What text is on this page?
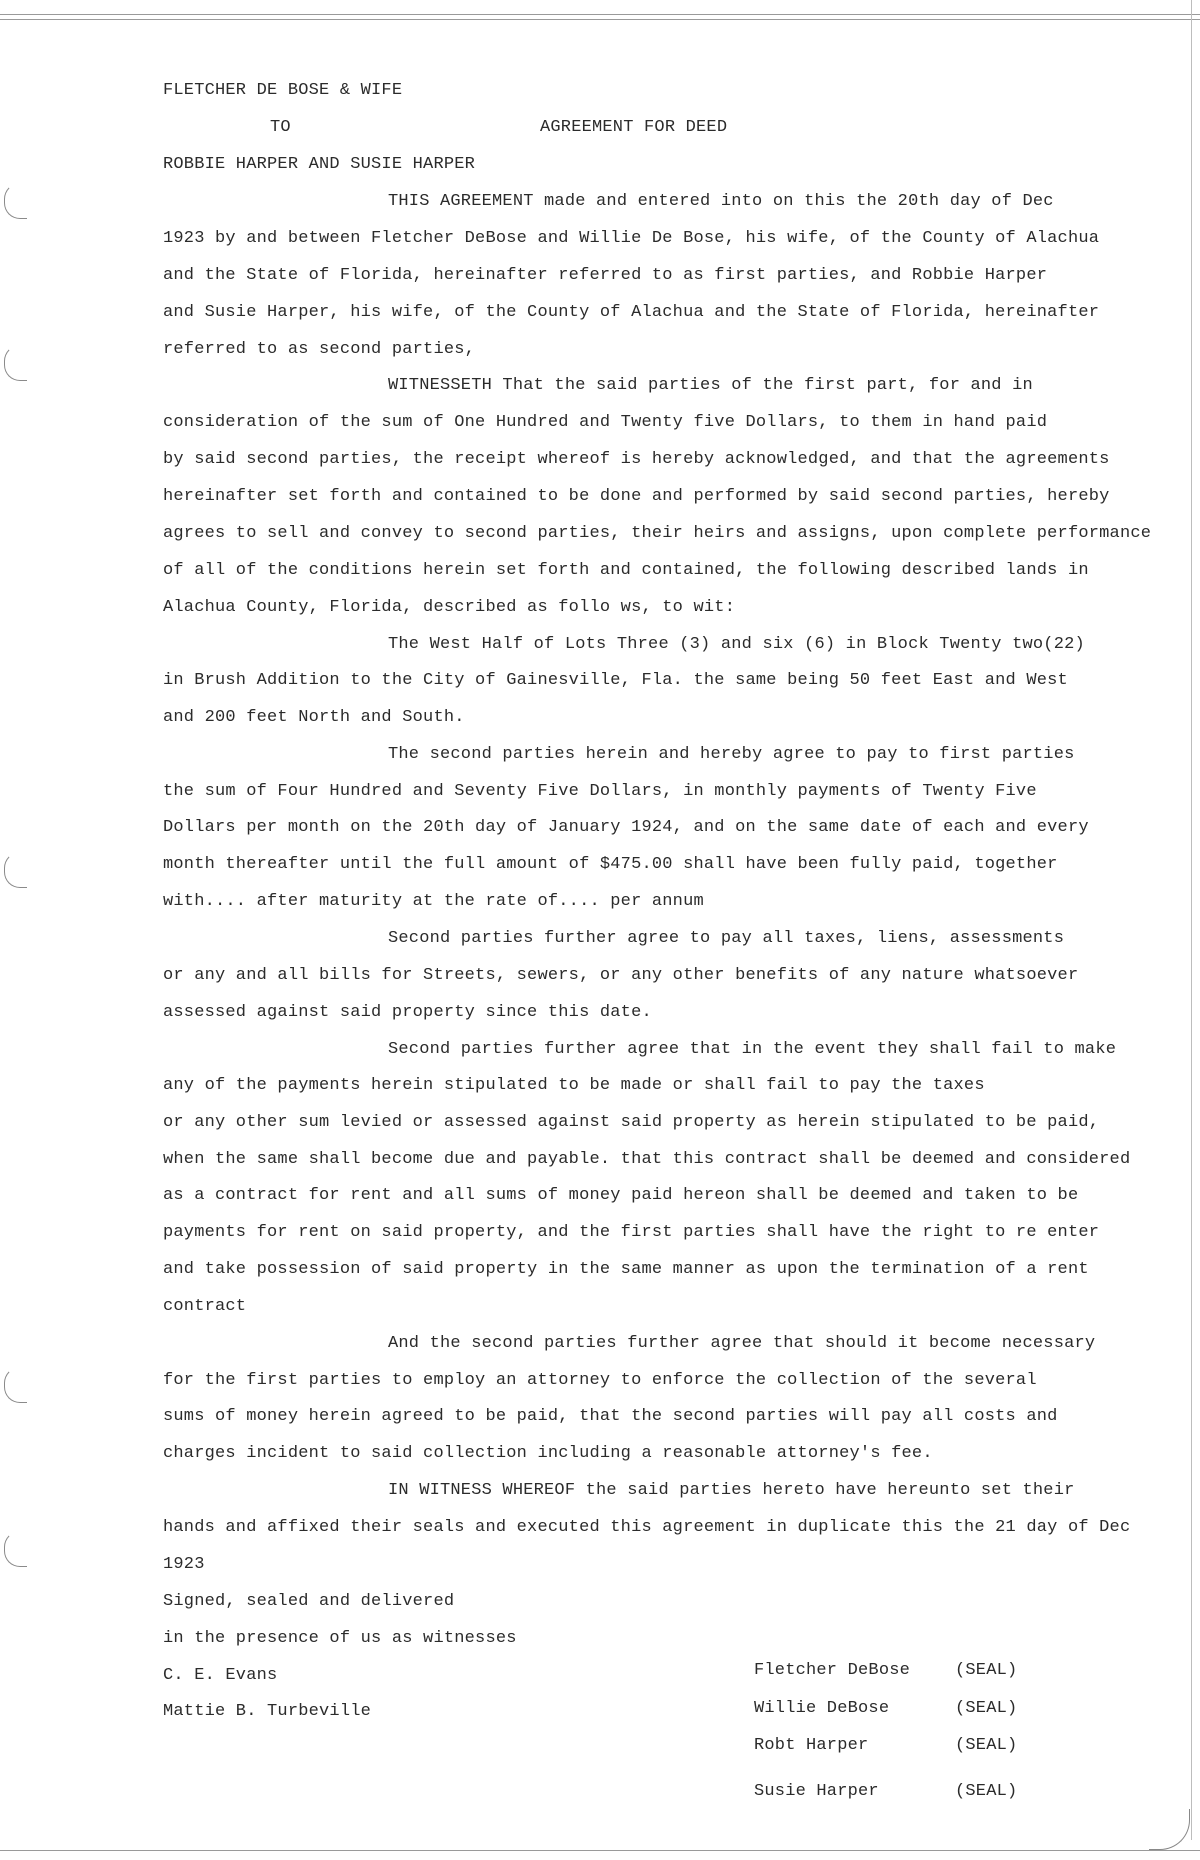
FLETCHER DE BOSE & WIFE
TO	AGREEMENT FOR DEED
ROBBIE HARPER AND SUSIE HARPER
THIS AGREEMENT made and entered into on this the 20th day of Dec
1923 by and between Fletcher DeBose and Willie De Bose, his wife, of the County of Alachua
and the State of Florida, hereinafter referred to as first parties, and Robbie Harper
and Susie Harper, his wife, of the County of Alachua and the State of Florida, hereinafter
referred to as second parties,
WITNESSETH That the said parties of the first part, for and in
consideration of the sum of One Hundred and Twenty five Dollars, to them in hand paid
by said second parties, the receipt whereof is hereby acknowledged, and that the agreements
hereinafter set forth and contained to be done and performed by said second parties, hereby
agrees to sell and convey to second parties, their heirs and assigns, upon complete performance
of all of the conditions herein set forth and contained, the following described lands in
Alachua County, Florida, described as follo ws, to wit:
The West Half of Lots Three (3) and six (6) in Block Twenty two(22)
in Brush Addition to the City of Gainesville, Fla. the same being 50 feet East and West
and 200 feet North and South.
The second parties herein and hereby agree to pay to first parties
the sum of Four Hundred and Seventy Five Dollars, in monthly payments of Twenty Five
Dollars per month on the 20th day of January 1924, and on the same date of each and every
month thereafter until the full amount of $475.00 shall have been fully paid, together
with.... after maturity at the rate of.... per annum
Second parties further agree to pay all taxes, liens, assessments
or any and all bills for Streets, sewers, or any other benefits of any nature whatsoever
assessed against said property since this date.
Second parties further agree that in the event they shall fail to make
any of the payments herein stipulated to be made or shall fail to pay the taxes
or any other sum levied or assessed against said property as herein stipulated to be paid,
when the same shall become due and payable. that this contract shall be deemed and considered
as a contract for rent and all sums of money paid hereon shall be deemed and taken to be
payments for rent on said property, and the first parties shall have the right to re enter
and take possession of said property in the same manner as upon the termination of a rent
contract
And the second parties further agree that should it become necessary
for the first parties to employ an attorney to enforce the collection of the several
sums of money herein agreed to be paid, that the second parties will pay all costs and
charges incident to said collection including a reasonable attorney's fee.
IN WITNESS WHEREOF the said parties hereto have hereunto set their
hands and affixed their seals and executed this agreement in duplicate this the 21 day of Dec
1923
Signed, sealed and delivered
in the presence of us as witnesses
C. E. Evans
Mattie B. Turbeville
Fletcher DeBose	(SEAL)
Willie DeBose	(SEAL)
Robt Harper	(SEAL)
Susie Harper	(SEAL)
